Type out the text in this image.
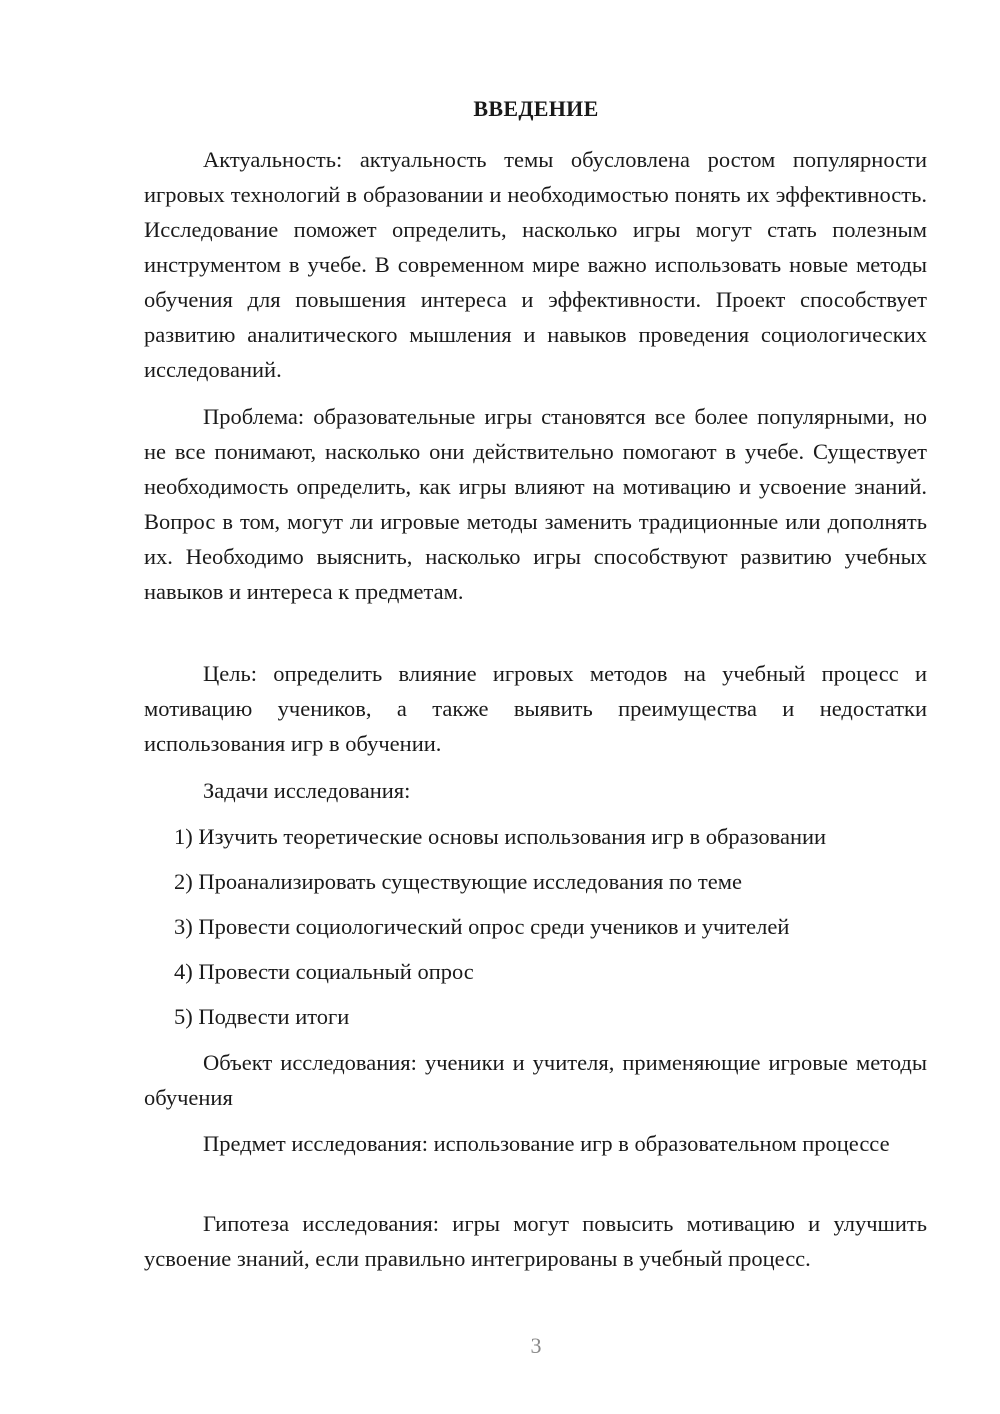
ВВЕДЕНИЕ

Актуальность: актуальность темы обусловлена ростом популярности игровых технологий в образовании и необходимостью понять их эффективность. Исследование поможет определить, насколько игры могут стать полезным инструментом в учебе. В современном мире важно использовать новые методы обучения для повышения интереса и эффективности. Проект способствует развитию аналитического мышления и навыков проведения социологических исследований.

Проблема: образовательные игры становятся все более популярными, но не все понимают, насколько они действительно помогают в учебе. Существует необходимость определить, как игры влияют на мотивацию и усвоение знаний. Вопрос в том, могут ли игровые методы заменить традиционные или дополнять их. Необходимо выяснить, насколько игры способствуют развитию учебных навыков и интереса к предметам.

Цель: определить влияние игровых методов на учебный процесс и мотивацию учеников, а также выявить преимущества и недостатки использования игр в обучении.

Задачи исследования:

1) Изучить теоретические основы использования игр в образовании
2) Проанализировать существующие исследования по теме
3) Провести социологический опрос среди учеников и учителей
4) Провести социальный опрос
5) Подвести итоги

Объект исследования: ученики и учителя, применяющие игровые методы обучения

Предмет исследования: использование игр в образовательном процессе

Гипотеза исследования: игры могут повысить мотивацию и улучшить усвоение знаний, если правильно интегрированы в учебный процесс.

3
